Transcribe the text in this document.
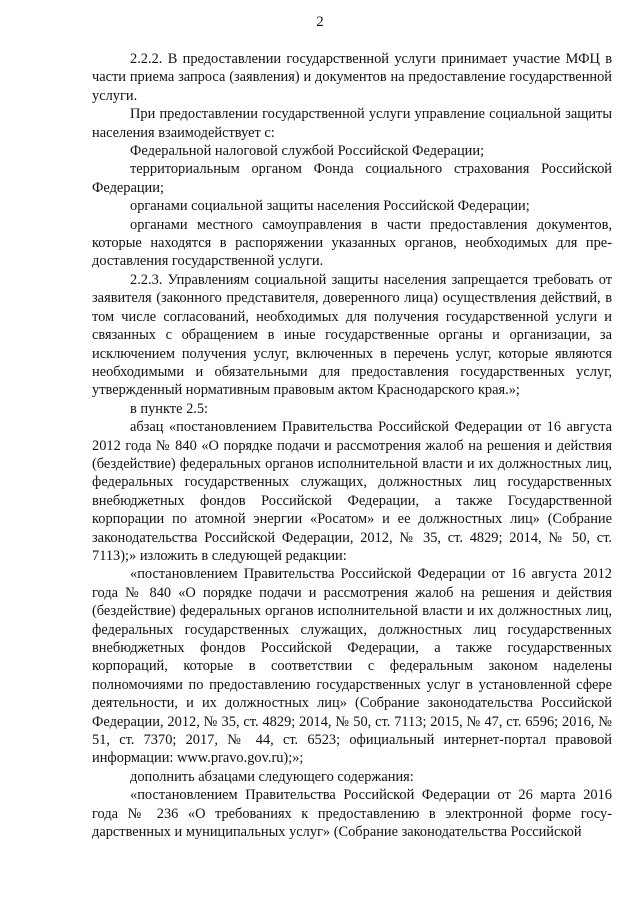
2

2.2.2. В предоставлении государственной услуги принимает участие МФЦ в части приема запроса (заявления) и документов на предоставление государственной услуги.

При предоставлении государственной услуги управление социальной защиты населения взаимодействует с:

Федеральной налоговой службой Российской Федерации;

территориальным органом Фонда социального страхования Российской Федерации;

органами социальной защиты населения Российской Федерации;

органами местного самоуправления в части предоставления документов, которые находятся в распоряжении указанных органов, необходимых для предоставления государственной услуги.

2.2.3. Управлениям социальной защиты населения запрещается требовать от заявителя (законного представителя, доверенного лица) осуществления действий, в том числе согласований, необходимых для получения государственной услуги и связанных с обращением в иные государственные органы и организации, за исключением получения услуг, включенных в перечень услуг, которые являются необходимыми и обязательными для предоставления государственных услуг, утвержденный нормативным правовым актом Краснодарского края.»;

в пункте 2.5:

абзац «постановлением Правительства Российской Федерации от 16 августа 2012 года № 840 «О порядке подачи и рассмотрения жалоб на решения и действия (бездействие) федеральных органов исполнительной власти и их должностных лиц, федеральных государственных служащих, должностных лиц государственных внебюджетных фондов Российской Федерации, а также Государственной корпорации по атомной энергии «Росатом» и ее должностных лиц» (Собрание законодательства Российской Федерации, 2012, № 35, ст. 4829; 2014, № 50, ст. 7113);» изложить в следующей редакции:

«постановлением Правительства Российской Федерации от 16 августа 2012 года № 840 «О порядке подачи и рассмотрения жалоб на решения и действия (бездействие) федеральных органов исполнительной власти и их должностных лиц, федеральных государственных служащих, должностных лиц государственных внебюджетных фондов Российской Федерации, а также государственных корпораций, которые в соответствии с федеральным законом наделены полномочиями по предоставлению государственных услуг в установленной сфере деятельности, и их должностных лиц» (Собрание законодательства Российской Федерации, 2012, № 35, ст. 4829; 2014, № 50, ст. 7113; 2015, № 47, ст. 6596; 2016, № 51, ст. 7370; 2017, № 44, ст. 6523; официальный интернет-портал правовой информации: www.pravo.gov.ru);»;

дополнить абзацами следующего содержания:

«постановлением Правительства Российской Федерации от 26 марта 2016 года № 236 «О требованиях к предоставлению в электронной форме государственных и муниципальных услуг» (Собрание законодательства Российской
